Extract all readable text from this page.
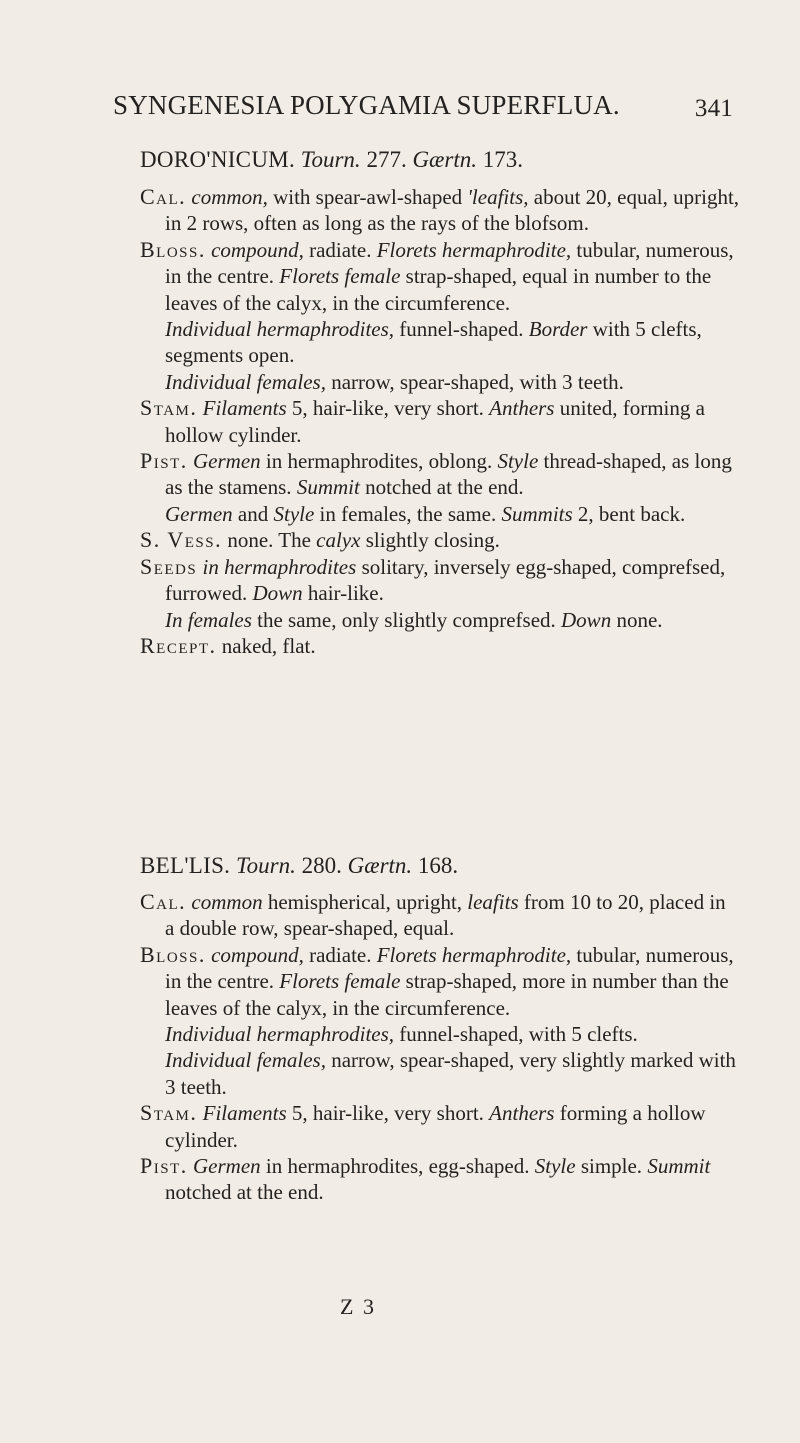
SYNGENESIA POLYGAMIA SUPERFLUA.	341
DORO'NICUM. Tourn. 277. Gærtn. 173.

Cal. common, with spear-awl-shaped 'leafits, about 20, equal, upright, in 2 rows, often as long as the rays of the blofsom.

Bloss. compound, radiate. Florets hermaphrodite, tubular, numerous, in the centre. Florets female strap-shaped, equal in number to the leaves of the calyx, in the circumference.

Individual hermaphrodites, funnel-shaped. Border with 5 clefts, segments open.

Individual females, narrow, spear-shaped, with 3 teeth.

Stam. Filaments 5, hair-like, very short. Anthers united, forming a hollow cylinder.

Pist. Germen in hermaphrodites, oblong. Style thread-shaped, as long as the stamens. Summit notched at the end.

Germen and Style in females, the same. Summits 2, bent back.

S. Vess. none. The calyx slightly closing.

Seeds in hermaphrodites solitary, inversely egg-shaped, comprefsed, furrowed. Down hair-like.

In females the same, only slightly comprefsed. Down none.

Recept. naked, flat.

BEL'LIS. Tourn. 280. Gærtn. 168.

Cal. common hemispherical, upright, leafits from 10 to 20, placed in a double row, spear-shaped, equal.

Bloss. compound, radiate. Florets hermaphrodite, tubular, numerous, in the centre. Florets female strap-shaped, more in number than the leaves of the calyx, in the circumference.

Individual hermaphrodites, funnel-shaped, with 5 clefts.

Individual females, narrow, spear-shaped, very slightly marked with 3 teeth.

Stam. Filaments 5, hair-like, very short. Anthers forming a hollow cylinder.

Pist. Germen in hermaphrodites, egg-shaped. Style simple. Summit notched at the end.

Z 3
